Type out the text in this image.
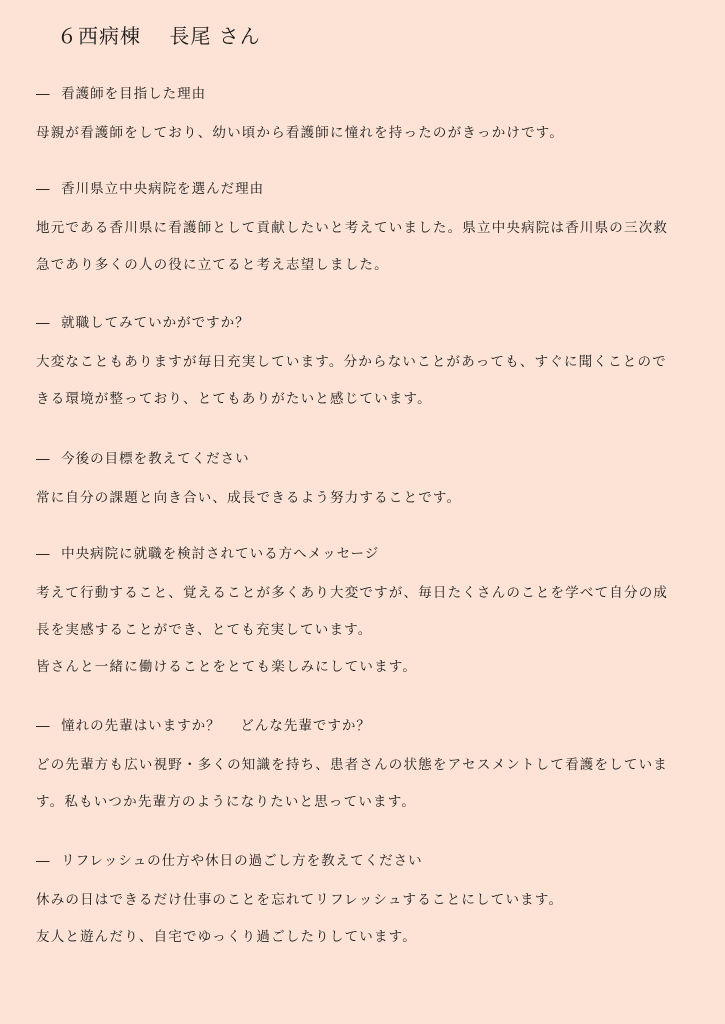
６西病棟　 長尾 さん

―  看護師を目指した理由

母親が看護師をしており、幼い頃から看護師に憧れを持ったのがきっかけです。

―  香川県立中央病院を選んだ理由

地元である香川県に看護師として貢献したいと考えていました。県立中央病院は香川県の三次救

急であり多くの人の役に立てると考え志望しました。

―  就職してみていかがですか？

大変なこともありますが毎日充実しています。分からないことがあっても、すぐに聞くことので

きる環境が整っており、とてもありがたいと感じています。

―  今後の目標を教えてください

常に自分の課題と向き合い、成長できるよう努力することです。

―  中央病院に就職を検討されている方へメッセージ

考えて行動すること、覚えることが多くあり大変ですが、毎日たくさんのことを学べて自分の成

長を実感することができ、とても充実しています。

皆さんと一緒に働けることをとても楽しみにしています。

―  憧れの先輩はいますか？　 どんな先輩ですか？

どの先輩方も広い視野・多くの知識を持ち、患者さんの状態をアセスメントして看護をしていま

す。私もいつか先輩方のようになりたいと思っています。

―  リフレッシュの仕方や休日の過ごし方を教えてください

休みの日はできるだけ仕事のことを忘れてリフレッシュすることにしています。

友人と遊んだり、自宅でゆっくり過ごしたりしています。
